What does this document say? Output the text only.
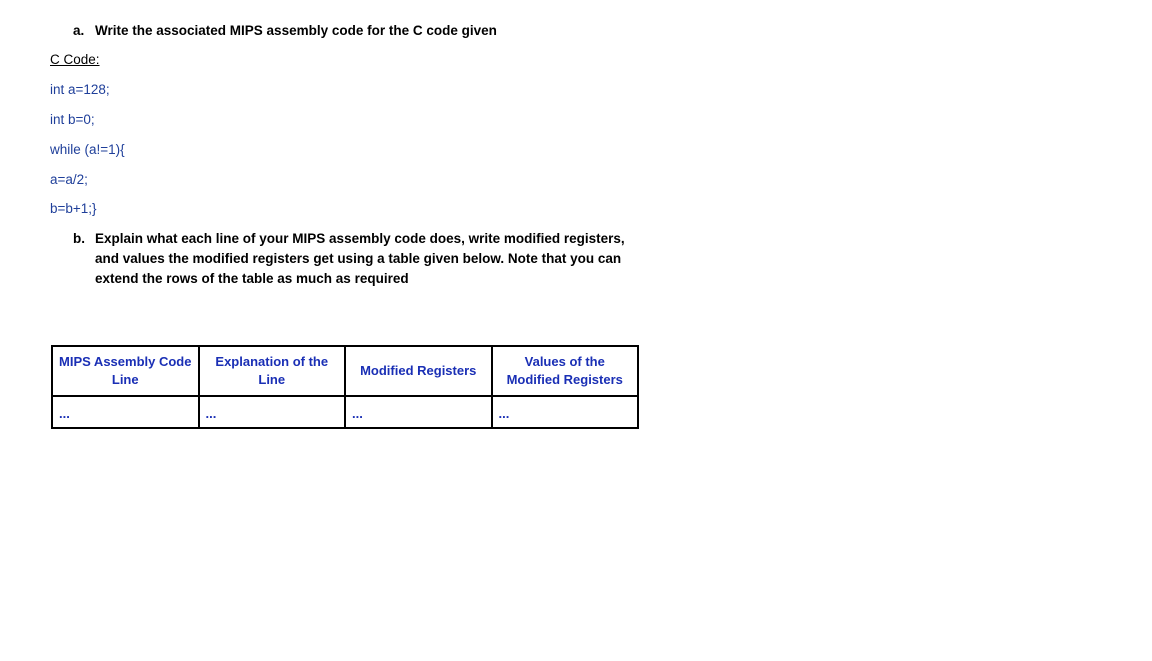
a. Write the associated MIPS assembly code for the C code given
C Code:
int a=128;
int b=0;
while (a!=1){
a=a/2;
b=b+1;}
b. Explain what each line of your MIPS assembly code does, write modified registers, and values the modified registers get using a table given below. Note that you can extend the rows of the table as much as required
MIPS Assembly Code Line	Explanation of the Line	Modified Registers	Values of the Modified Registers
...	...	...	...
